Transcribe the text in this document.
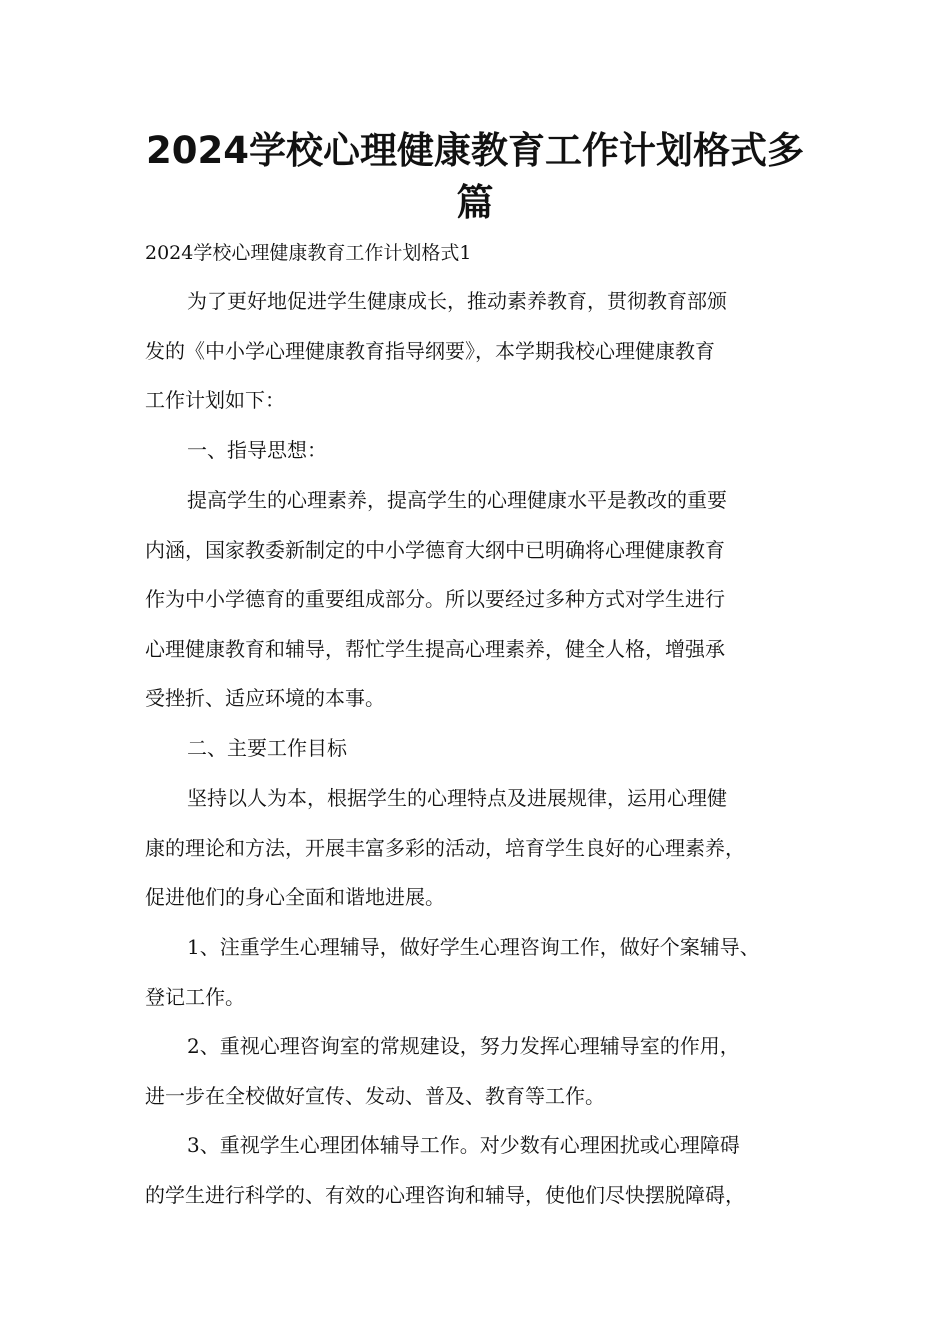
2024学校心理健康教育工作计划格式多
篇

2024学校心理健康教育工作计划格式1

为了更好地促进学生健康成长，推动素养教育，贯彻教育部颁
发的《中小学心理健康教育指导纲要》，本学期我校心理健康教育
工作计划如下：

一、指导思想：

提高学生的心理素养，提高学生的心理健康水平是教改的重要
内涵，国家教委新制定的中小学德育大纲中已明确将心理健康教育
作为中小学德育的重要组成部分。所以要经过多种方式对学生进行
心理健康教育和辅导，帮忙学生提高心理素养，健全人格，增强承
受挫折、适应环境的本事。

二、主要工作目标

坚持以人为本，根据学生的心理特点及进展规律，运用心理健
康的理论和方法，开展丰富多彩的活动，培育学生良好的心理素养，
促进他们的身心全面和谐地进展。

1、注重学生心理辅导，做好学生心理咨询工作，做好个案辅导、
登记工作。

2、重视心理咨询室的常规建设，努力发挥心理辅导室的作用，
进一步在全校做好宣传、发动、普及、教育等工作。

3、重视学生心理团体辅导工作。对少数有心理困扰或心理障碍
的学生进行科学的、有效的心理咨询和辅导，使他们尽快摆脱障碍，
